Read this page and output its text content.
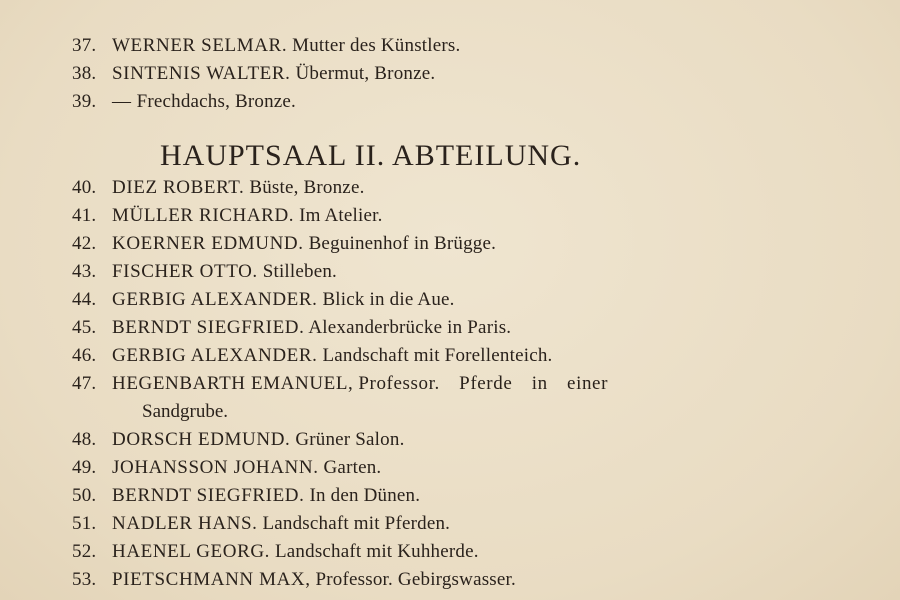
37. WERNER SELMAR. Mutter des Künstlers.
38. SINTENIS WALTER. Übermut, Bronze.
39. — Frechdachs, Bronze.
HAUPTSAAL II. ABTEILUNG.
40. DIEZ ROBERT. Büste, Bronze.
41. MÜLLER RICHARD. Im Atelier.
42. KOERNER EDMUND. Beguinenhof in Brügge.
43. FISCHER OTTO. Stilleben.
44. GERBIG ALEXANDER. Blick in die Aue.
45. BERNDT SIEGFRIED. Alexanderbrücke in Paris.
46. GERBIG ALEXANDER. Landschaft mit Forellenteich.
47. HEGENBARTH EMANUEL, Professor. Pferde in einer
Sandgrube.
48. DORSCH EDMUND. Grüner Salon.
49. JOHANSSON JOHANN. Garten.
50. BERNDT SIEGFRIED. In den Dünen.
51. NADLER HANS. Landschaft mit Pferden.
52. HAENEL GEORG. Landschaft mit Kuhherde.
53. PIETSCHMANN MAX, Professor. Gebirgswasser.
